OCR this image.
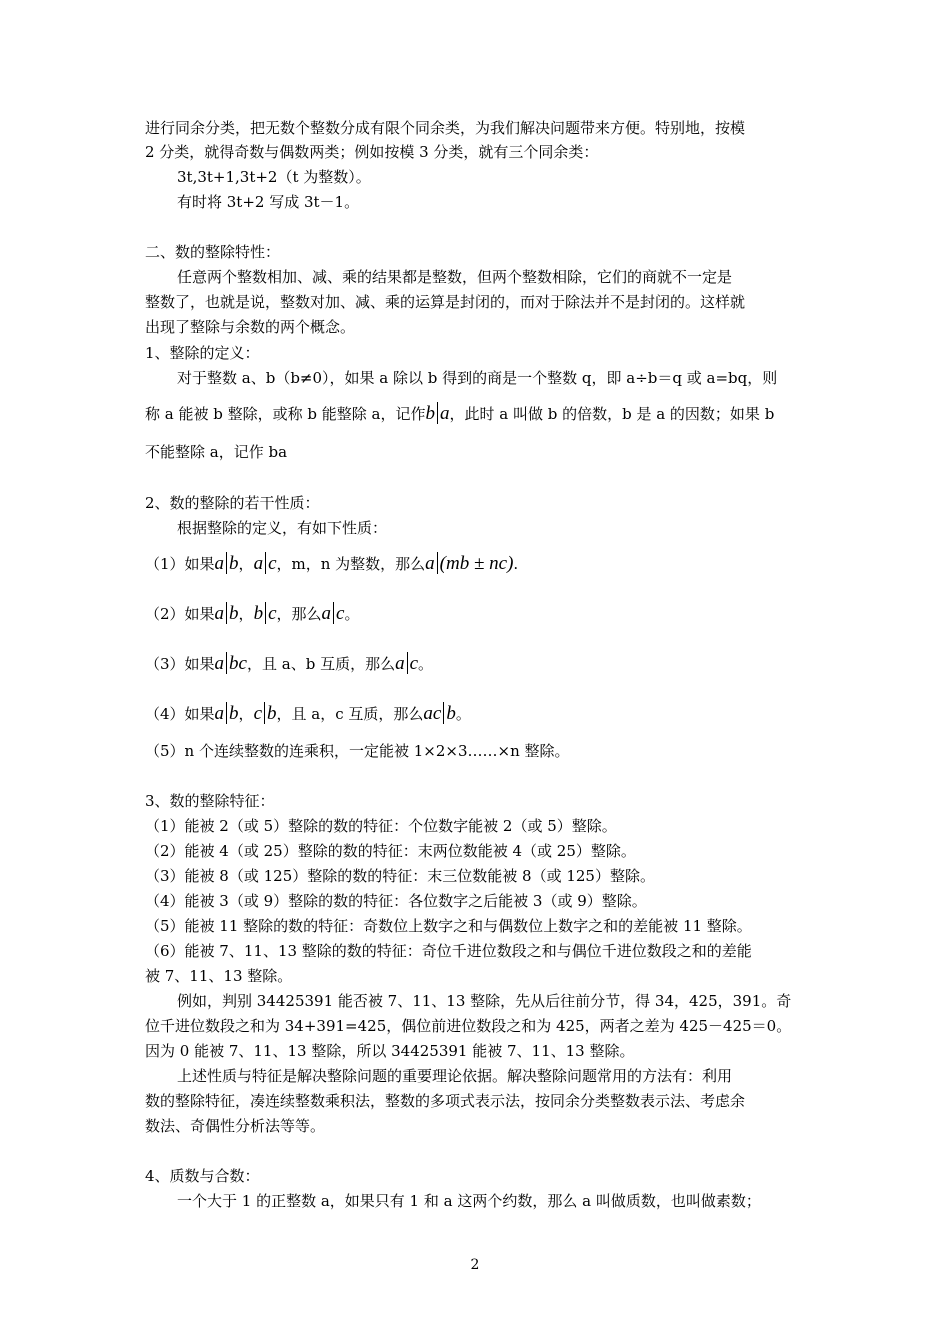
进行同余分类，把无数个整数分成有限个同余类，为我们解决问题带来方便。特别地，按模
2 分类，就得奇数与偶数两类；例如按模 3 分类，就有三个同余类：
3t,3t+1,3t+2（t 为整数）。
有时将 3t+2 写成 3t－1。
二、数的整除特性：
任意两个整数相加、减、乘的结果都是整数，但两个整数相除，它们的商就不一定是
整数了，也就是说，整数对加、减、乘的运算是封闭的，而对于除法并不是封闭的。这样就
出现了整除与余数的两个概念。
1、整除的定义：
对于整数 a、b（b≠0），如果 a 除以 b 得到的商是一个整数 q，即 a÷b＝q 或 a=bq，则
称 a 能被 b 整除，或称 b 能整除 a，记作b a，此时 a 叫做 b 的倍数，b 是 a 的因数；如果 b
不能整除 a，记作 ba
2、数的整除的若干性质：
根据整除的定义，有如下性质：
（1）如果a b，a c，m，n 为整数，那么a (mb ± nc).
（2）如果a b，b c，那么a c。
（3）如果a bc，且 a、b 互质，那么a c。
（4）如果a b，c b，且 a，c 互质，那么ac b。
（5）n 个连续整数的连乘积，一定能被 1×2×3……×n 整除。
3、数的整除特征：
（1）能被 2（或 5）整除的数的特征：个位数字能被 2（或 5）整除。
（2）能被 4（或 25）整除的数的特征：末两位数能被 4（或 25）整除。
（3）能被 8（或 125）整除的数的特征：末三位数能被 8（或 125）整除。
（4）能被 3（或 9）整除的数的特征：各位数字之后能被 3（或 9）整除。
（5）能被 11 整除的数的特征：奇数位上数字之和与偶数位上数字之和的差能被 11 整除。
（6）能被 7、11、13 整除的数的特征：奇位千进位数段之和与偶位千进位数段之和的差能
被 7、11、13 整除。
例如，判别 34425391 能否被 7、11、13 整除，先从后往前分节，得 34，425，391。奇
位千进位数段之和为 34+391=425，偶位前进位数段之和为 425，两者之差为 425－425＝0。
因为 0 能被 7、11、13 整除，所以 34425391 能被 7、11、13 整除。
上述性质与特征是解决整除问题的重要理论依据。解决整除问题常用的方法有：利用
数的整除特征，凑连续整数乘积法，整数的多项式表示法，按同余分类整数表示法、考虑余
数法、奇偶性分析法等等。
4、质数与合数：
一个大于 1 的正整数 a，如果只有 1 和 a 这两个约数，那么 a 叫做质数，也叫做素数；
2
